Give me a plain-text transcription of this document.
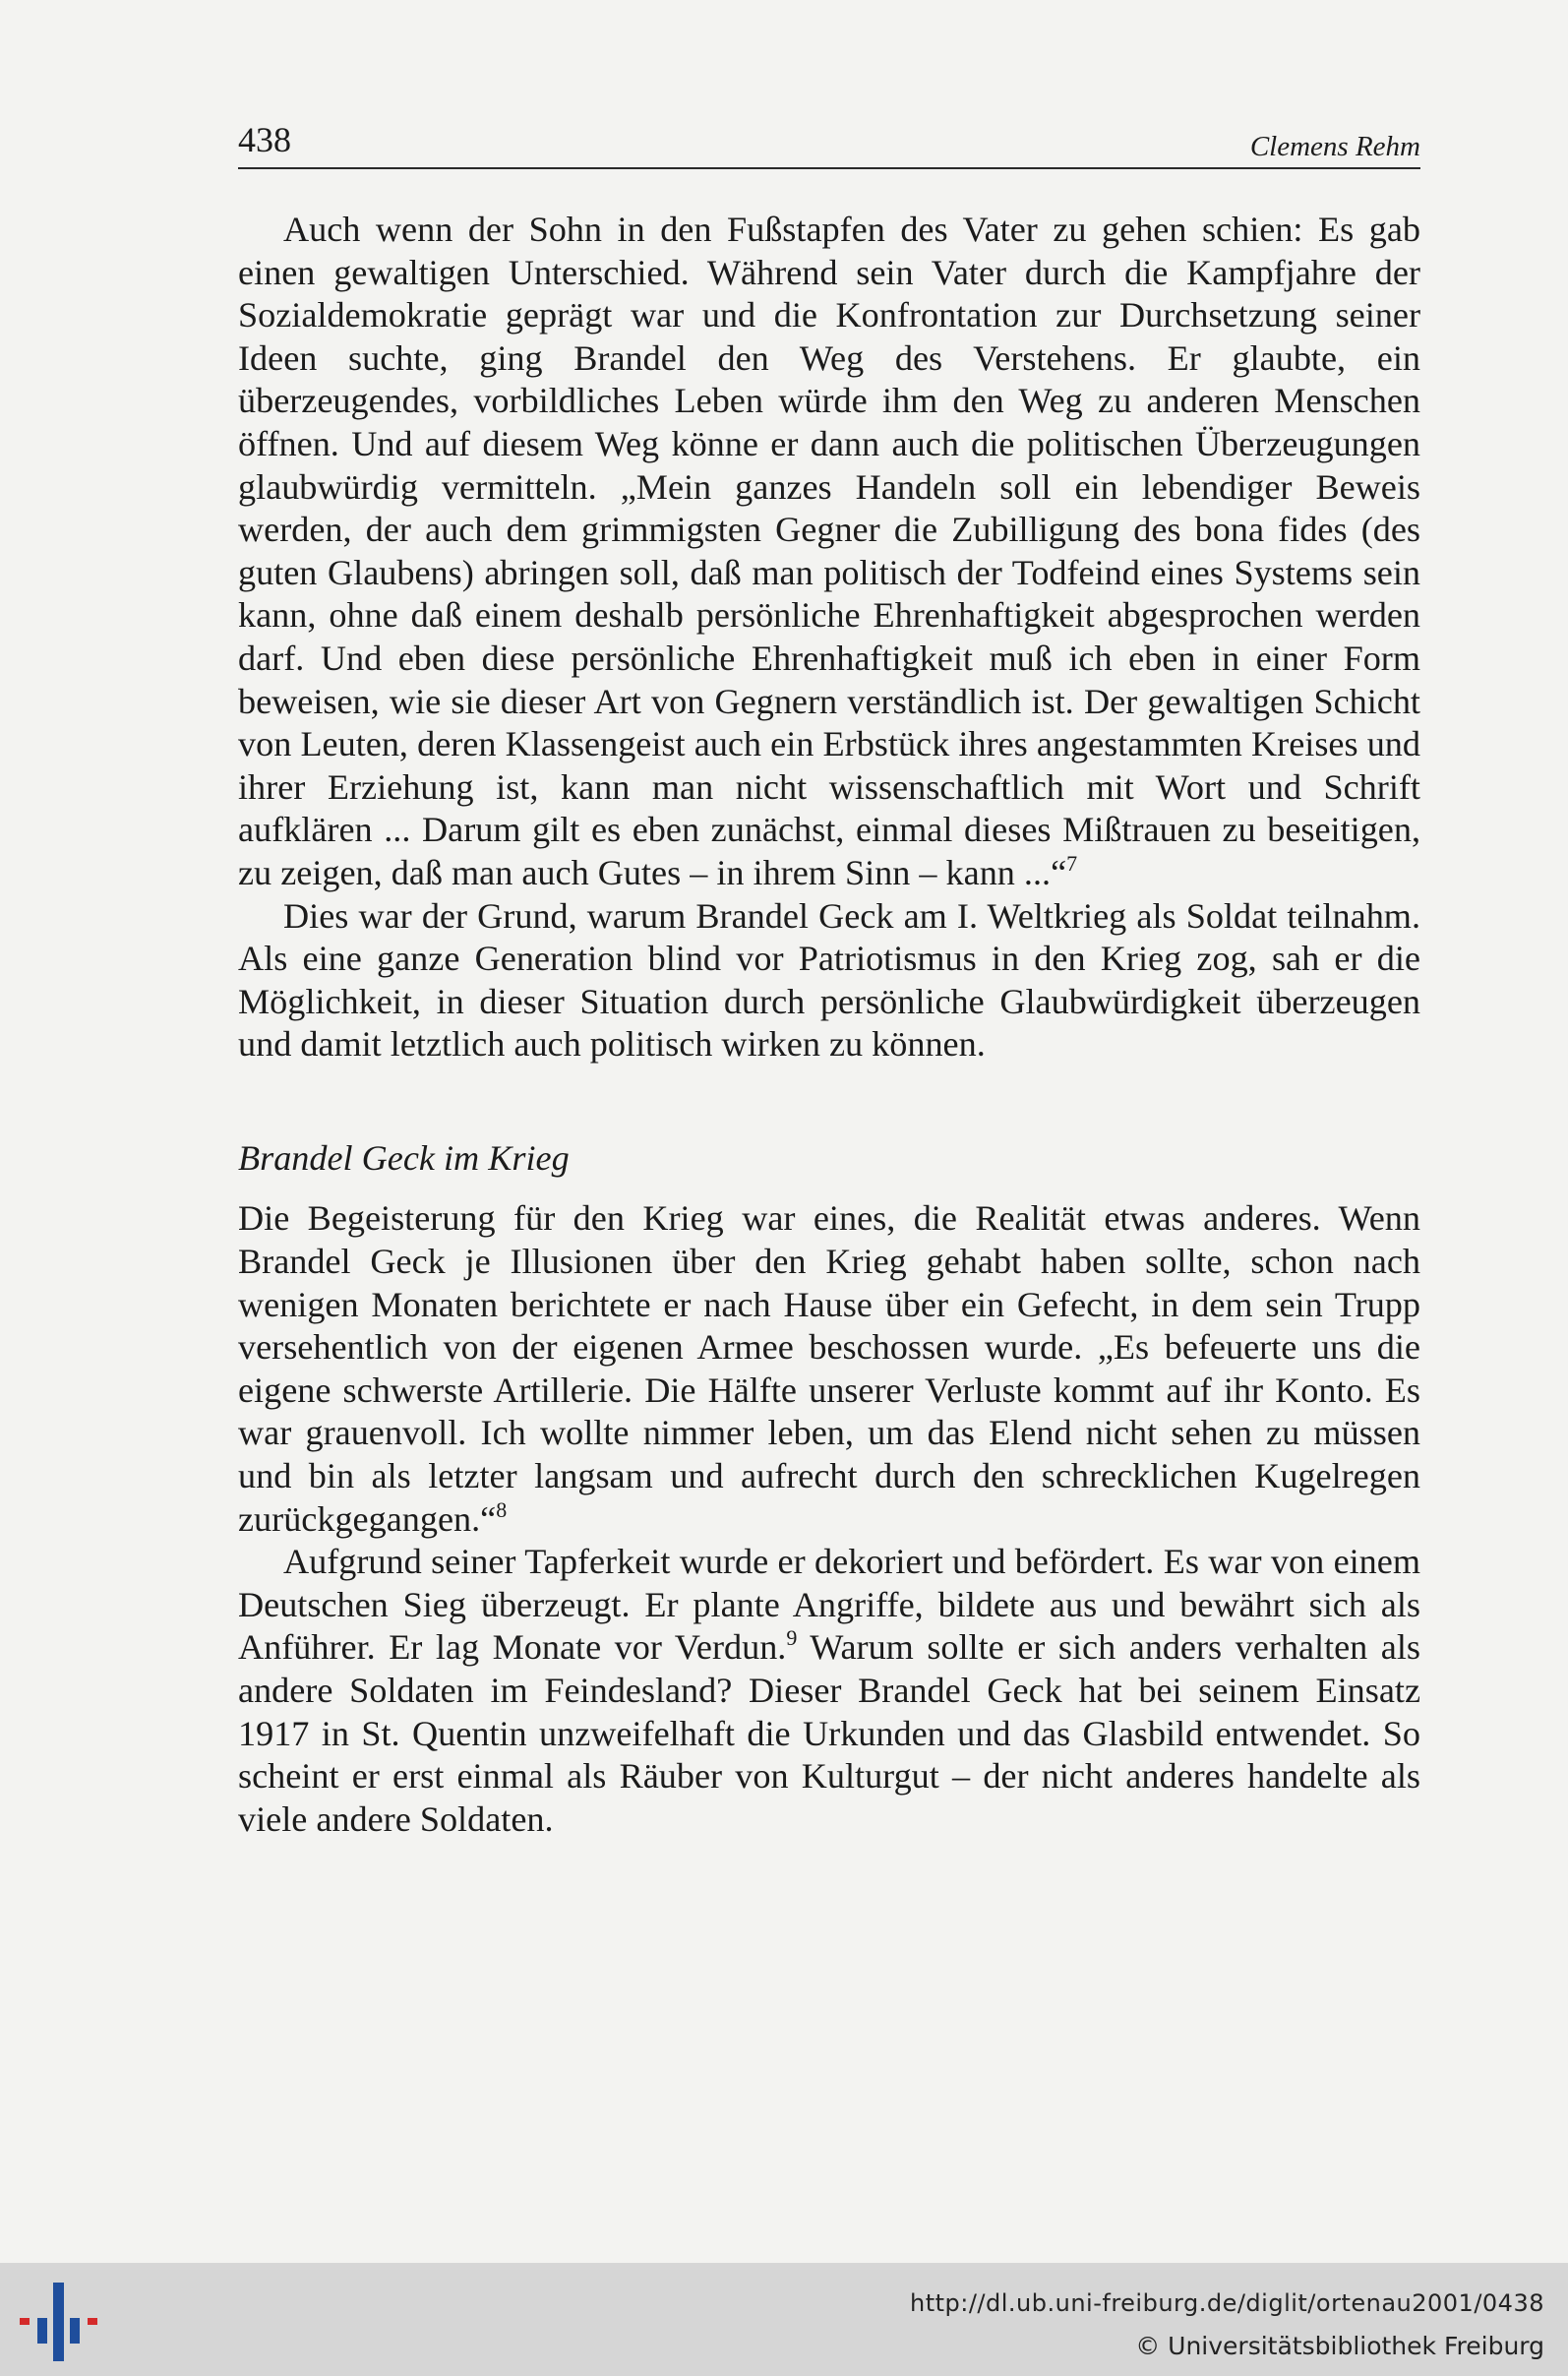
438	Clemens Rehm

Auch wenn der Sohn in den Fußstapfen des Vater zu gehen schien: Es gab einen gewaltigen Unterschied. Während sein Vater durch die Kampfjahre der Sozialdemokratie geprägt war und die Konfrontation zur Durchsetzung seiner Ideen suchte, ging Brandel den Weg des Verstehens. Er glaubte, ein überzeugendes, vorbildliches Leben würde ihm den Weg zu anderen Menschen öffnen. Und auf diesem Weg könne er dann auch die politischen Überzeugungen glaubwürdig vermitteln. „Mein ganzes Handeln soll ein lebendiger Beweis werden, der auch dem grimmigsten Gegner die Zubilligung des bona fides (des guten Glaubens) abringen soll, daß man politisch der Todfeind eines Systems sein kann, ohne daß einem deshalb persönliche Ehrenhaftigkeit abgesprochen werden darf. Und eben diese persönliche Ehrenhaftigkeit muß ich eben in einer Form beweisen, wie sie dieser Art von Gegnern verständlich ist. Der gewaltigen Schicht von Leuten, deren Klassengeist auch ein Erbstück ihres angestammten Kreises und ihrer Erziehung ist, kann man nicht wissenschaftlich mit Wort und Schrift aufklären ... Darum gilt es eben zunächst, einmal dieses Mißtrauen zu beseitigen, zu zeigen, daß man auch Gutes – in ihrem Sinn – kann ...“$^7$

Dies war der Grund, warum Brandel Geck am I. Weltkrieg als Soldat teilnahm. Als eine ganze Generation blind vor Patriotismus in den Krieg zog, sah er die Möglichkeit, in dieser Situation durch persönliche Glaubwürdigkeit überzeugen und damit letztlich auch politisch wirken zu können.

Brandel Geck im Krieg

Die Begeisterung für den Krieg war eines, die Realität etwas anderes. Wenn Brandel Geck je Illusionen über den Krieg gehabt haben sollte, schon nach wenigen Monaten berichtete er nach Hause über ein Gefecht, in dem sein Trupp versehentlich von der eigenen Armee beschossen wurde. „Es befeuerte uns die eigene schwerste Artillerie. Die Hälfte unserer Verluste kommt auf ihr Konto. Es war grauenvoll. Ich wollte nimmer leben, um das Elend nicht sehen zu müssen und bin als letzter langsam und aufrecht durch den schrecklichen Kugelregen zurückgegangen.“$^8$

Aufgrund seiner Tapferkeit wurde er dekoriert und befördert. Es war von einem Deutschen Sieg überzeugt. Er plante Angriffe, bildete aus und bewährt sich als Anführer. Er lag Monate vor Verdun.$^9$ Warum sollte er sich anders verhalten als andere Soldaten im Feindesland? Dieser Brandel Geck hat bei seinem Einsatz 1917 in St. Quentin unzweifelhaft die Urkunden und das Glasbild entwendet. So scheint er erst einmal als Räuber von Kulturgut – der nicht anderes handelte als viele andere Soldaten.

http://dl.ub.uni-freiburg.de/diglit/ortenau2001/0438
© Universitätsbibliothek Freiburg
